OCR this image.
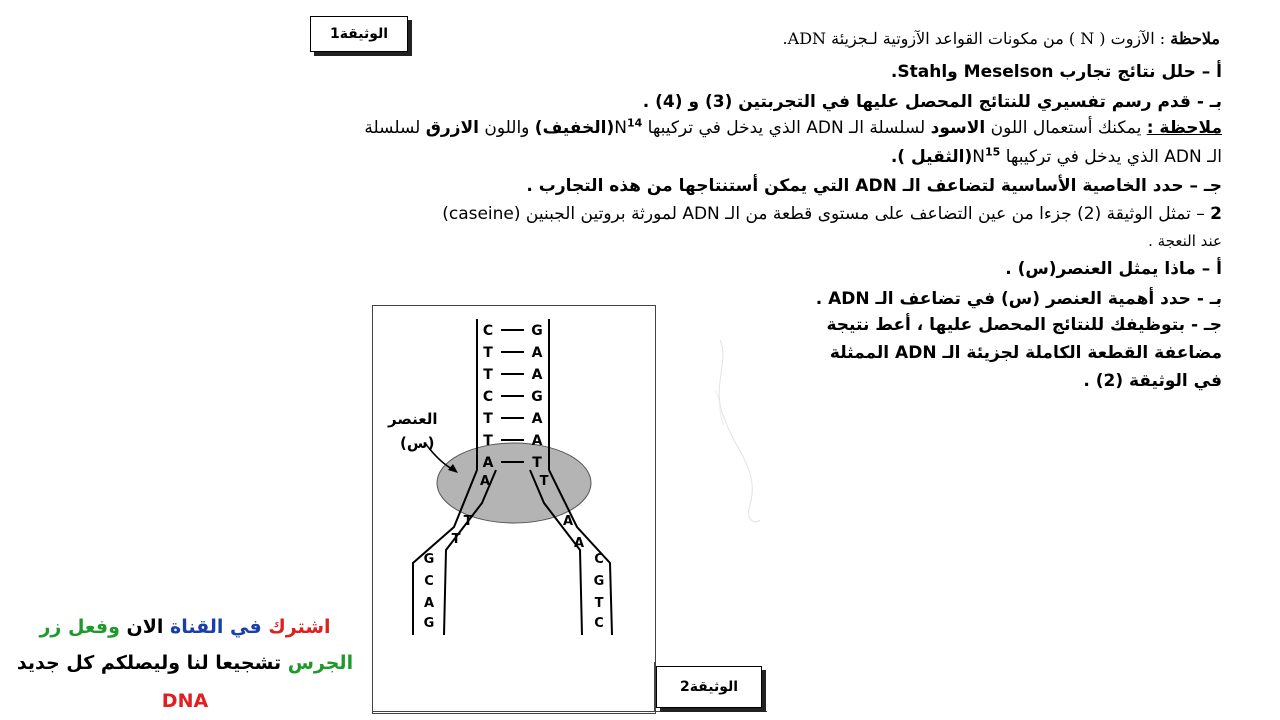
الوثيقة1	ملاحظة : الآزوت ( N ) من مكونات القواعد الآزوتية لـجزيئة ADN.
أ – حلل نتائج تجارب Meselson وStahl.
بـ - قدم رسم تفسيري للنتائج المحصل عليها في التجربتين (3) و (4) .
ملاحظة : يمكنك أستعمال اللون الاسود لسلسلة الـ ADN الذي يدخل في تركيبها $N^{14}(الخفيف)$ واللون الازرق لسلسلة
الـ ADN الذي يدخل في تركيبها $N^{15}(الثقيل$ ).
جـ – حدد الخاصية الأساسية لتضاعف الـ ADN التي يمكن أستنتاجها من هذه التجارب .
2 – تمثل الوثيقة (2) جزءا من عين التضاعف على مستوى قطعة من الـ ADN لمورثة بروتين الجبنين (caseine)
عند النعجة .
أ – ماذا يمثل العنصر(س) .
بـ - حدد أهمية العنصر (س) في تضاعف الـ ADN .
جـ - بتوظيفك للنتائج المحصل عليها ، أعط نتيجة
مضاعفة القطعة الكاملة لجزيئة الـ ADN الممثلة
في الوثيقة (2) .
الوثيقة2
C	G
T	A
T	A
C	G
T	A
T	A
A	T
A
T
T
G
C
A
G
T
A
A
C
G
T
C
العنصر
(س)
اشترك في القناة الان وفعل زر
الجرس تشجيعا لنا وليصلكم كل جديد
DNA
